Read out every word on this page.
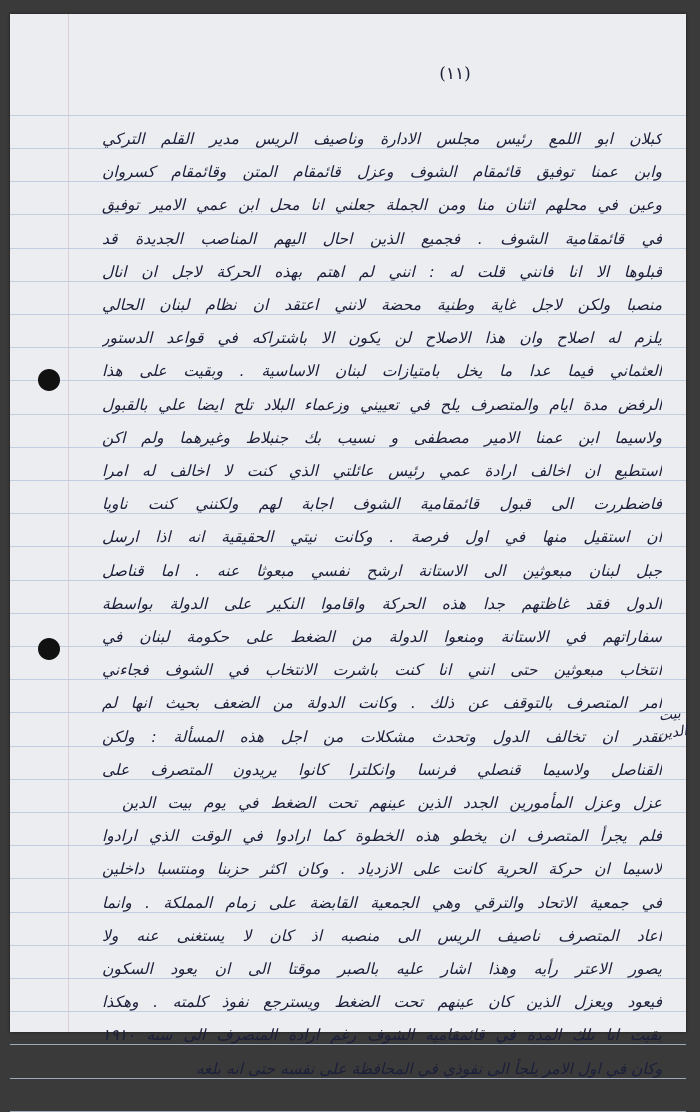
(١١)
كبلان ابو اللمع رئيس مجلس الادارة وناصيف الريس مدير القلم التركي
وابن عمنا توفيق قائمقام الشوف وعزل قائمقام المتن وقائمقام كسروان
وعين في محلهم اثنان منا ومن الجملة جعلني انا محل ابن عمي الامير توفيق
في قائمقامية الشوف . فجميع الذين احال اليهم المناصب الجديدة قد
قبلوها الا انا فانني قلت له : انني لم اهتم بهذه الحركة لاجل ان انال
منصبا ولكن لاجل غاية وطنية محضة لانني اعتقد ان نظام لبنان الحالي
يلزم له اصلاح وان هذا الاصلاح لن يكون الا باشتراكه في قواعد الدستور
العثماني فيما عدا ما يخل بامتيازات لبنان الاساسية . وبقيت على هذا
الرفض مدة ايام والمتصرف يلح في تعييني وزعماء البلاد تلح ايضا علي بالقبول
ولاسيما ابن عمنا الامير مصطفى و نسيب بك جنبلاط وغيرهما ولم اكن
استطيع ان اخالف ارادة عمي رئيس عائلتي الذي كنت لا اخالف له امرا
فاضطررت الى قبول قائمقامية الشوف اجابة لهم ولكنني كنت ناويا
ان استقيل منها في اول فرصة . وكانت نيتي الحقيقية انه اذا ارسل
جبل لبنان مبعوثين الى الاستانة ارشح نفسي مبعوثا عنه . اما قناصل
الدول فقد غاظتهم جدا هذه الحركة واقاموا النكير على الدولة بواسطة
سفاراتهم في الاستانة ومنعوا الدولة من الضغط على حكومة لبنان في
انتخاب مبعوثين حتى انني انا كنت باشرت الانتخاب في الشوف فجاءني
امر المتصرف بالتوقف عن ذلك . وكانت الدولة من الضعف بحيث انها لم
تقدر ان تخالف الدول وتحدث مشكلات من اجل هذه المسألة : ولكن
القناصل ولاسيما قنصلي فرنسا وانكلترا كانوا يريدون المتصرف على
عزل وعزل المأمورين الجدد الذين عينهم تحت الضغط في يوم بيت الدين
فلم يجرأ المتصرف ان يخطو هذه الخطوة كما ارادوا في الوقت الذي ارادوا
لاسيما ان حركة الحرية كانت على الازدياد . وكان اكثر حزبنا ومنتسبا داخلين
في جمعية الاتحاد والترقي وهي الجمعية القابضة على زمام المملكة . وانما
اعاد المتصرف ناصيف الريس الى منصبه اذ كان لا يستغنى عنه ولا
يصور الاعتر رأيه وهذا اشار عليه بالصبر موقتا الى ان يعود السكون
فيعود ويعزل الذين كان عينهم تحت الضغط ويسترجع نفوذ كلمته . وهكذا
بقيت انا تلك المدة في قائمقامية الشوف رغم ارادة المتصرف الى سنة ١٩١٠
وكان في اول الامر يلجأ الى نفوذي في المحافظة على نفسه حتى انه بلغه
بيت الدين
